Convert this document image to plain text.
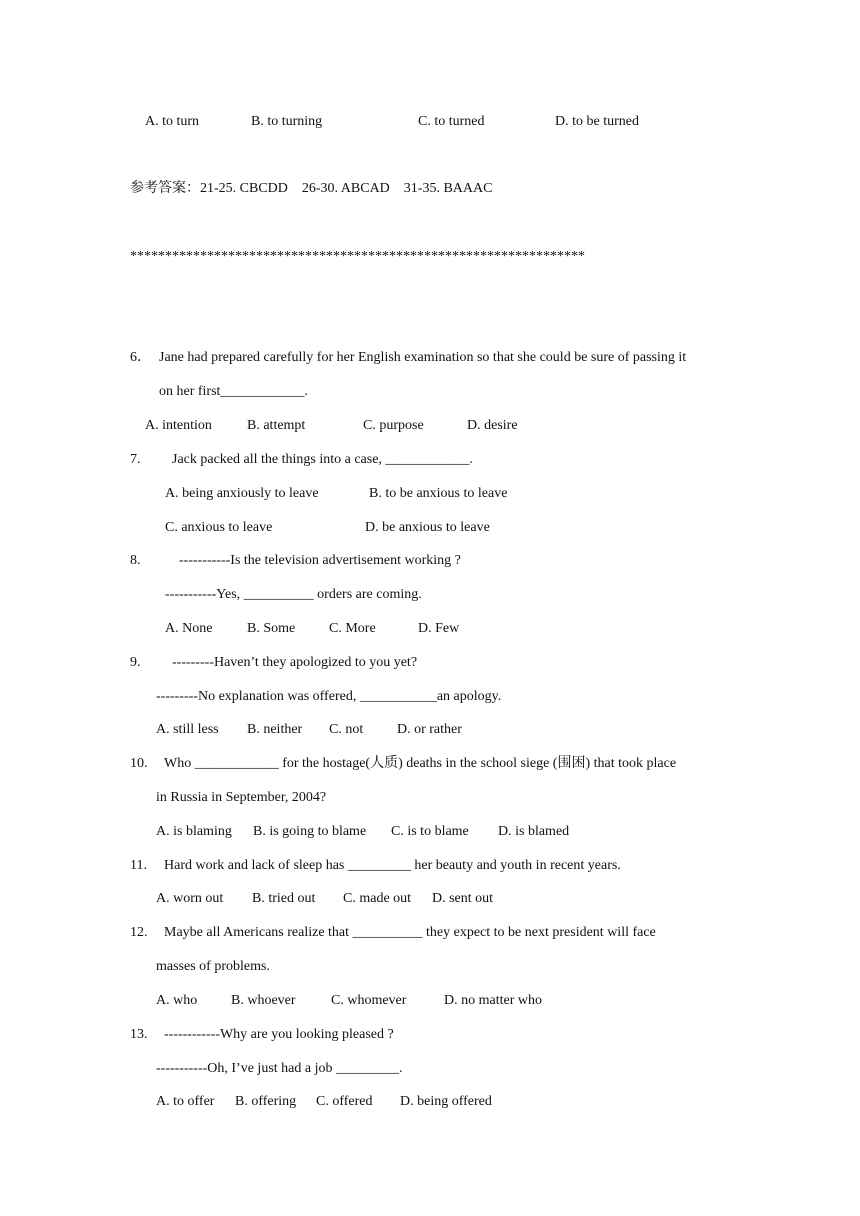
A. to turn	B. to turning	C. to turned	D. to be turned
参考答案：21-25. CBCDD    26-30. ABCAD    31-35. BAAAC
*****************************************************************
6． Jane had prepared carefully for her English examination so that she could be sure of passing it
on her first____________.
A. intention	B. attempt	C. purpose	D. desire
7. Jack packed all the things into a case, ____________.
A. being anxiously to leave	B. to be anxious to leave
C. anxious to leave	D. be anxious to leave
8.	-----------Is the television advertisement working ?
-----------Yes, __________ orders are coming.
A. None B. Some C. More	D. Few
9. ---------Haven’t they apologized to you yet?
---------No explanation was offered, ___________an apology.
A. still less B. neither C. not D. or rather
10. Who ____________ for the hostage(人质) deaths in the school siege (围困) that took place
in Russia in September, 2004?
A. is blaming B. is going to blame C. is to blame D. is blamed
11. Hard work and lack of sleep has _________ her beauty and youth in recent years.
A. worn out B. tried out C. made out D. sent out
12. Maybe all Americans realize that __________ they expect to be next president will face
masses of problems.
A. who B. whoever	C. whomever	D. no matter who
13. ------------Why are you looking pleased ?
-----------Oh, I’ve just had a job _________.
A. to offer B. offering C. offered D. being offered
